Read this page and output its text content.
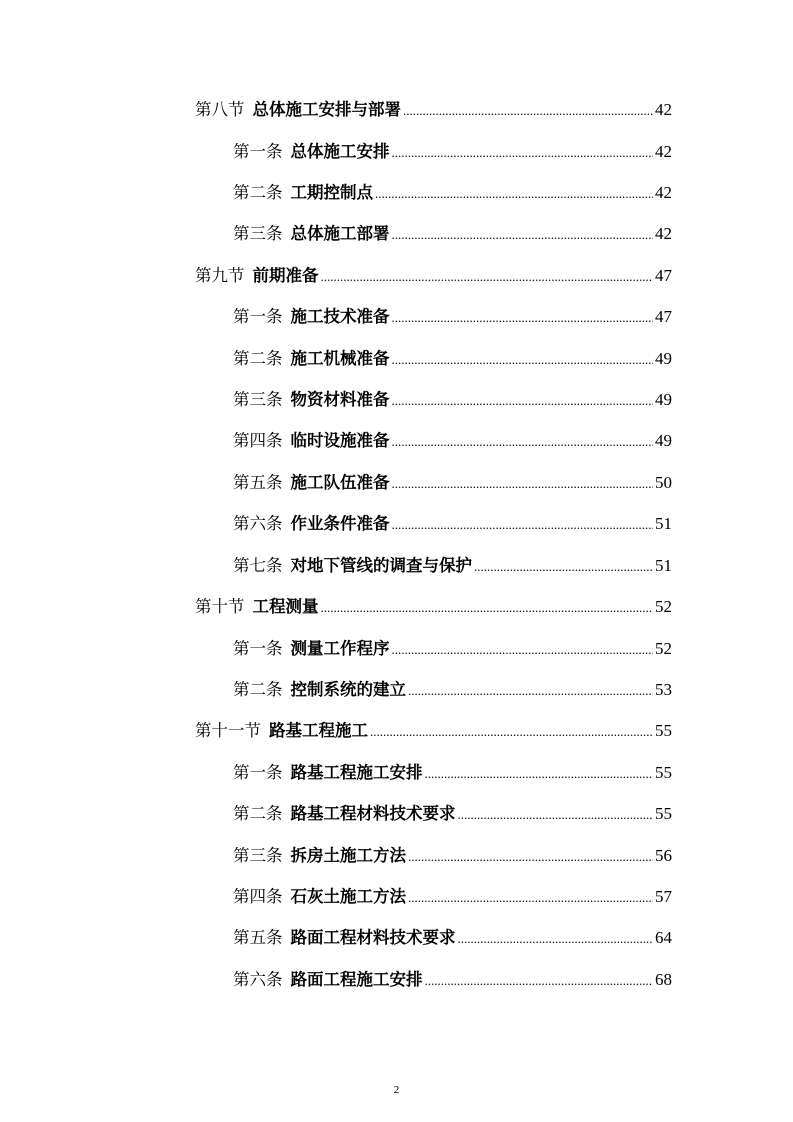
第八节 总体施工安排与部署 .....	42
第一条 总体施工安排 .....	42
第二条 工期控制点 .....	42
第三条 总体施工部署 .....	42
第九节 前期准备 .....	47
第一条 施工技术准备 .....	47
第二条 施工机械准备 .....	49
第三条 物资材料准备 .....	49
第四条 临时设施准备 .....	49
第五条 施工队伍准备 .....	50
第六条 作业条件准备 .....	51
第七条 对地下管线的调查与保护 .....	51
第十节 工程测量 .....	52
第一条 测量工作程序 .....	52
第二条 控制系统的建立 .....	53
第十一节 路基工程施工 .....	55
第一条 路基工程施工安排 .....	55
第二条 路基工程材料技术要求 .....	55
第三条 拆房土施工方法 .....	56
第四条 石灰土施工方法 .....	57
第五条 路面工程材料技术要求 .....	64
第六条 路面工程施工安排 .....	68
2
